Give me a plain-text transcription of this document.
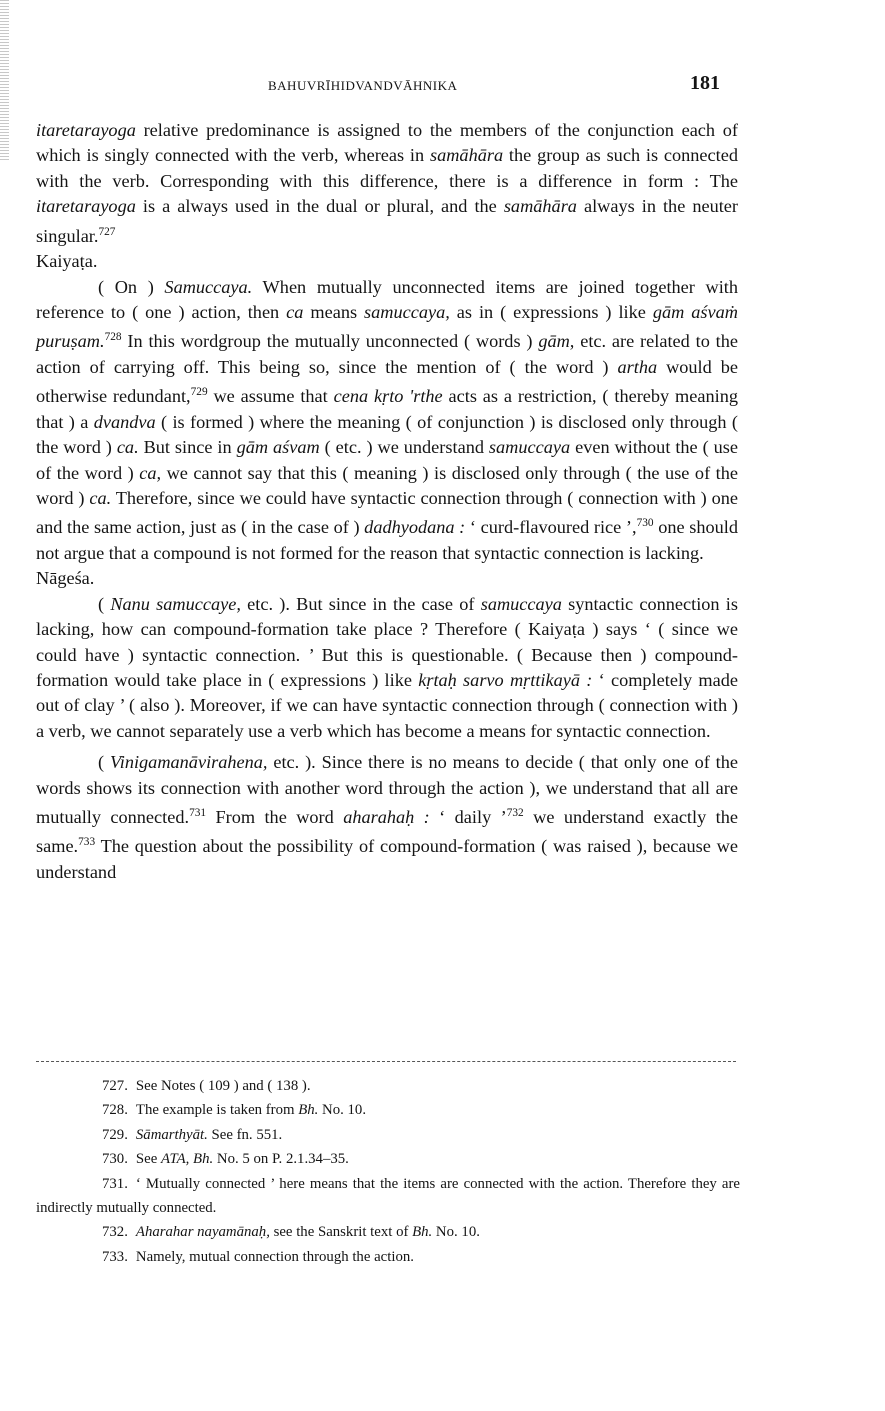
BAHUVRĪHIDVANDVĀHNIKA	181

itaretarayoga relative predominance is assigned to the members of the conjunction each of which is singly connected with the verb, whereas in samāhāra the group as such is connected with the verb. Corresponding with this difference, there is a difference in form : The itaretarayoga is a always used in the dual or plural, and the samāhāra always in the neuter singular.$^{727}$

Kaiyaṭa.

( On ) Samuccaya. When mutually unconnected items are joined together with reference to ( one ) action, then ca means samuccaya, as in ( expressions ) like gām aśvaṁ puruṣam.$^{728}$ In this wordgroup the mutually unconnected ( words ) gām, etc. are related to the action of carrying off. This being so, since the mention of ( the word ) artha would be otherwise redundant,$^{729}$ we assume that cena kṛto 'rthe acts as a restriction, ( thereby meaning that ) a dvandva ( is formed ) where the meaning ( of conjunction ) is disclosed only through ( the word ) ca. But since in gām aśvam ( etc. ) we understand samuccaya even without the ( use of the word ) ca, we cannot say that this ( meaning ) is disclosed only through ( the use of the word ) ca. Therefore, since we could have syntactic connection through ( connection with ) one and the same action, just as ( in the case of ) dadhyodana : ‘ curd-flavoured rice ’,$^{730}$ one should not argue that a compound is not formed for the reason that syntactic connection is lacking.

Nāgeśa.

( Nanu samuccaye, etc. ). But since in the case of samuccaya syntactic connection is lacking, how can compound-formation take place ? Therefore ( Kaiyaṭa ) says ‘ ( since we could have ) syntactic connection. ’ But this is questionable. ( Because then ) compound-formation would take place in ( expressions ) like kṛtaḥ sarvo mṛttikayā : ‘ completely made out of clay ’ ( also ). Moreover, if we can have syntactic connection through ( connection with ) a verb, we cannot separately use a verb which has become a means for syntactic connection.

( Vinigamanāvirahena, etc. ). Since there is no means to decide ( that only one of the words shows its connection with another word through the action ), we understand that all are mutually connected.$^{731}$ From the word aharahaḥ : ‘ daily ’$^{732}$ we understand exactly the same.$^{733}$ The question about the possibility of compound-formation ( was raised ), because we understand

727. See Notes ( 109 ) and ( 138 ).

728. The example is taken from Bh. No. 10.

729. Sāmarthyāt. See fn. 551.

730. See ATA, Bh. No. 5 on P. 2.1.34–35.

731. ‘ Mutually connected ’ here means that the items are connected with the action. Therefore they are indirectly mutually connected.

732. Aharahar nayamānaḥ, see the Sanskrit text of Bh. No. 10.

733. Namely, mutual connection through the action.
